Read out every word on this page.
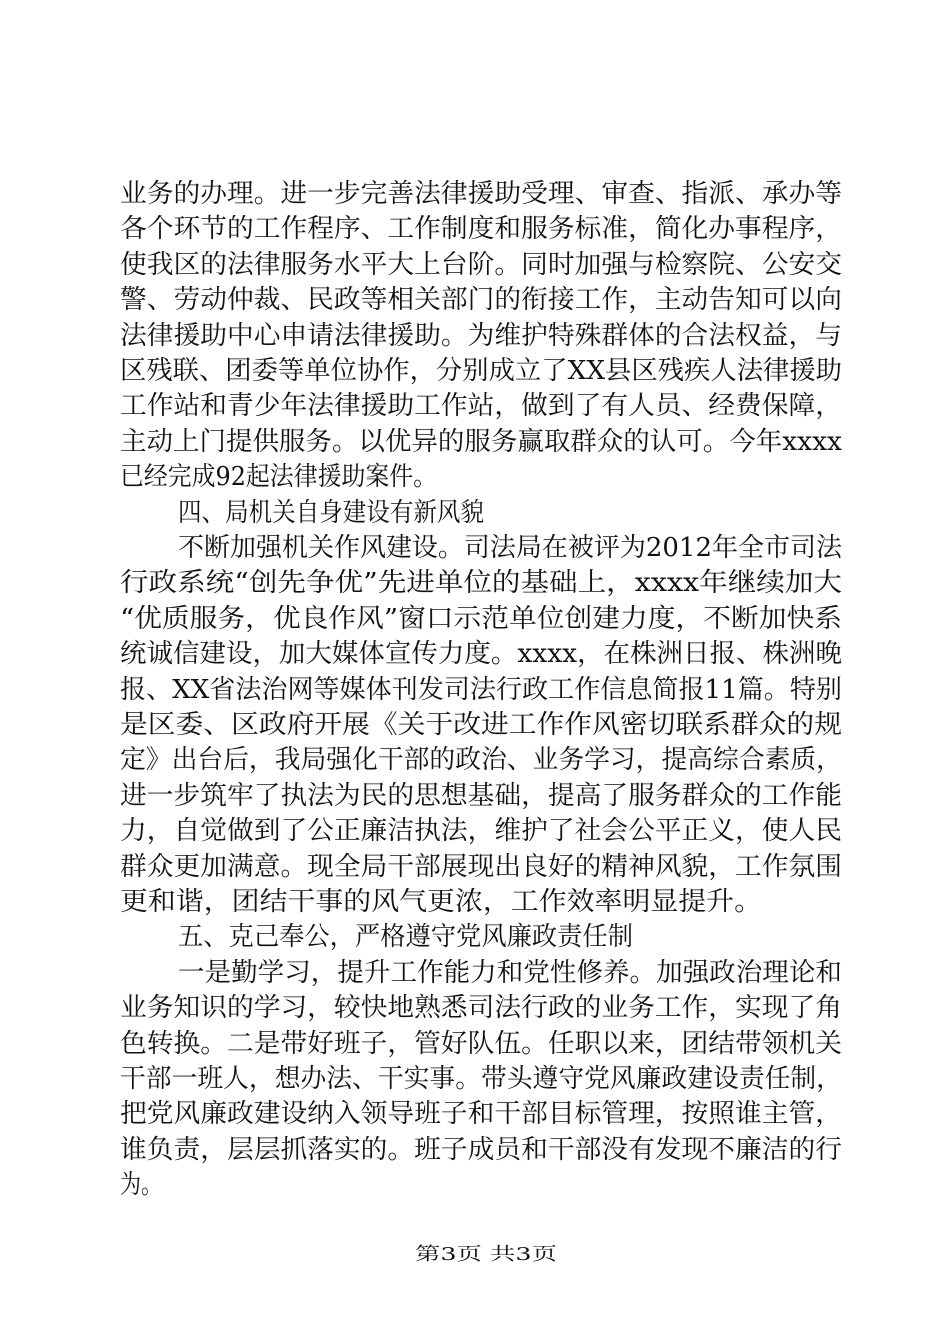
业务的办理。进一步完善法律援助受理、审查、指派、承办等
各个环节的工作程序、工作制度和服务标准，简化办事程序，
使我区的法律服务水平大上台阶。同时加强与检察院、公安交
警、劳动仲裁、民政等相关部门的衔接工作，主动告知可以向
法律援助中心申请法律援助。为维护特殊群体的合法权益，与
区残联、团委等单位协作，分别成立了XX县区残疾人法律援助
工作站和青少年法律援助工作站，做到了有人员、经费保障，
主动上门提供服务。以优异的服务赢取群众的认可。今年xxxx
已经完成92起法律援助案件。
四、局机关自身建设有新风貌
不断加强机关作风建设。司法局在被评为2012年全市司法
行政系统“创先争优”先进单位的基础上，xxxx年继续加大
“优质服务，优良作风”窗口示范单位创建力度，不断加快系
统诚信建设，加大媒体宣传力度。xxxx，在株洲日报、株洲晚
报、XX省法治网等媒体刊发司法行政工作信息简报11篇。特别
是区委、区政府开展《关于改进工作作风密切联系群众的规
定》出台后，我局强化干部的政治、业务学习，提高综合素质，
进一步筑牢了执法为民的思想基础，提高了服务群众的工作能
力，自觉做到了公正廉洁执法，维护了社会公平正义，使人民
群众更加满意。现全局干部展现出良好的精神风貌，工作氛围
更和谐，团结干事的风气更浓，工作效率明显提升。
五、克己奉公，严格遵守党风廉政责任制
一是勤学习，提升工作能力和党性修养。加强政治理论和
业务知识的学习，较快地熟悉司法行政的业务工作，实现了角
色转换。二是带好班子，管好队伍。任职以来，团结带领机关
干部一班人，想办法、干实事。带头遵守党风廉政建设责任制，
把党风廉政建设纳入领导班子和干部目标管理，按照谁主管，
谁负责，层层抓落实的。班子成员和干部没有发现不廉洁的行
为。
第3页 共3页
